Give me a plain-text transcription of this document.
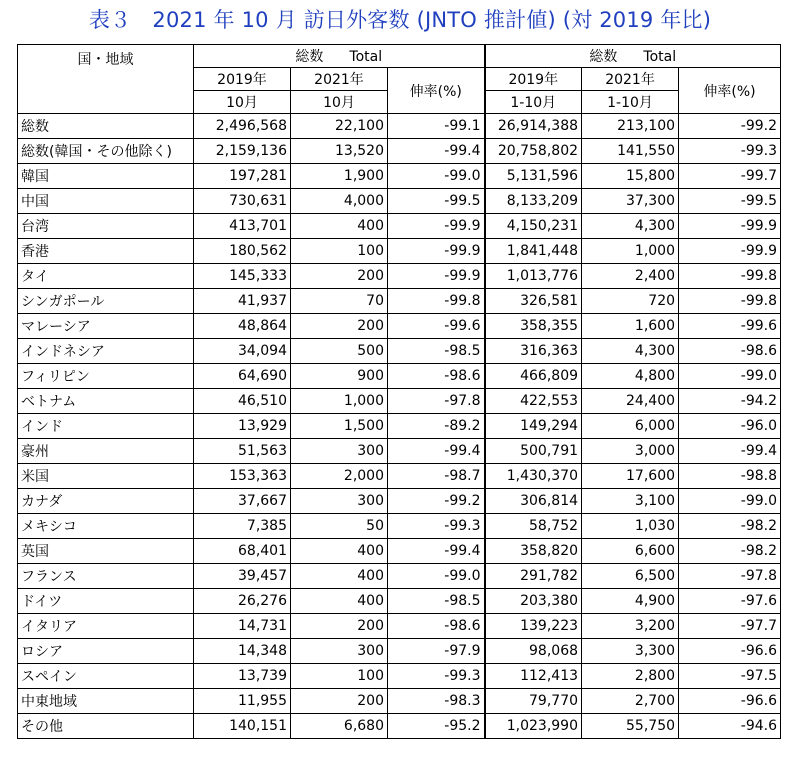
表３　2021 年 10 月 訪日外客数 (JNTO 推計値) (対 2019 年比)
国・地域	総数 Total			総数 Total		
	2019年	2021年	伸率(%)	2019年	2021年	伸率(%)
	10月	10月		1-10月	1-10月	
総数	2,496,568	22,100	-99.1	26,914,388	213,100	-99.2
総数(韓国・その他除く)	2,159,136	13,520	-99.4	20,758,802	141,550	-99.3
韓国	197,281	1,900	-99.0	5,131,596	15,800	-99.7
中国	730,631	4,000	-99.5	8,133,209	37,300	-99.5
台湾	413,701	400	-99.9	4,150,231	4,300	-99.9
香港	180,562	100	-99.9	1,841,448	1,000	-99.9
タイ	145,333	200	-99.9	1,013,776	2,400	-99.8
シンガポール	41,937	70	-99.8	326,581	720	-99.8
マレーシア	48,864	200	-99.6	358,355	1,600	-99.6
インドネシア	34,094	500	-98.5	316,363	4,300	-98.6
フィリピン	64,690	900	-98.6	466,809	4,800	-99.0
ベトナム	46,510	1,000	-97.8	422,553	24,400	-94.2
インド	13,929	1,500	-89.2	149,294	6,000	-96.0
豪州	51,563	300	-99.4	500,791	3,000	-99.4
米国	153,363	2,000	-98.7	1,430,370	17,600	-98.8
カナダ	37,667	300	-99.2	306,814	3,100	-99.0
メキシコ	7,385	50	-99.3	58,752	1,030	-98.2
英国	68,401	400	-99.4	358,820	6,600	-98.2
フランス	39,457	400	-99.0	291,782	6,500	-97.8
ドイツ	26,276	400	-98.5	203,380	4,900	-97.6
イタリア	14,731	200	-98.6	139,223	3,200	-97.7
ロシア	14,348	300	-97.9	98,068	3,300	-96.6
スペイン	13,739	100	-99.3	112,413	2,800	-97.5
中東地域	11,955	200	-98.3	79,770	2,700	-96.6
その他	140,151	6,680	-95.2	1,023,990	55,750	-94.6
